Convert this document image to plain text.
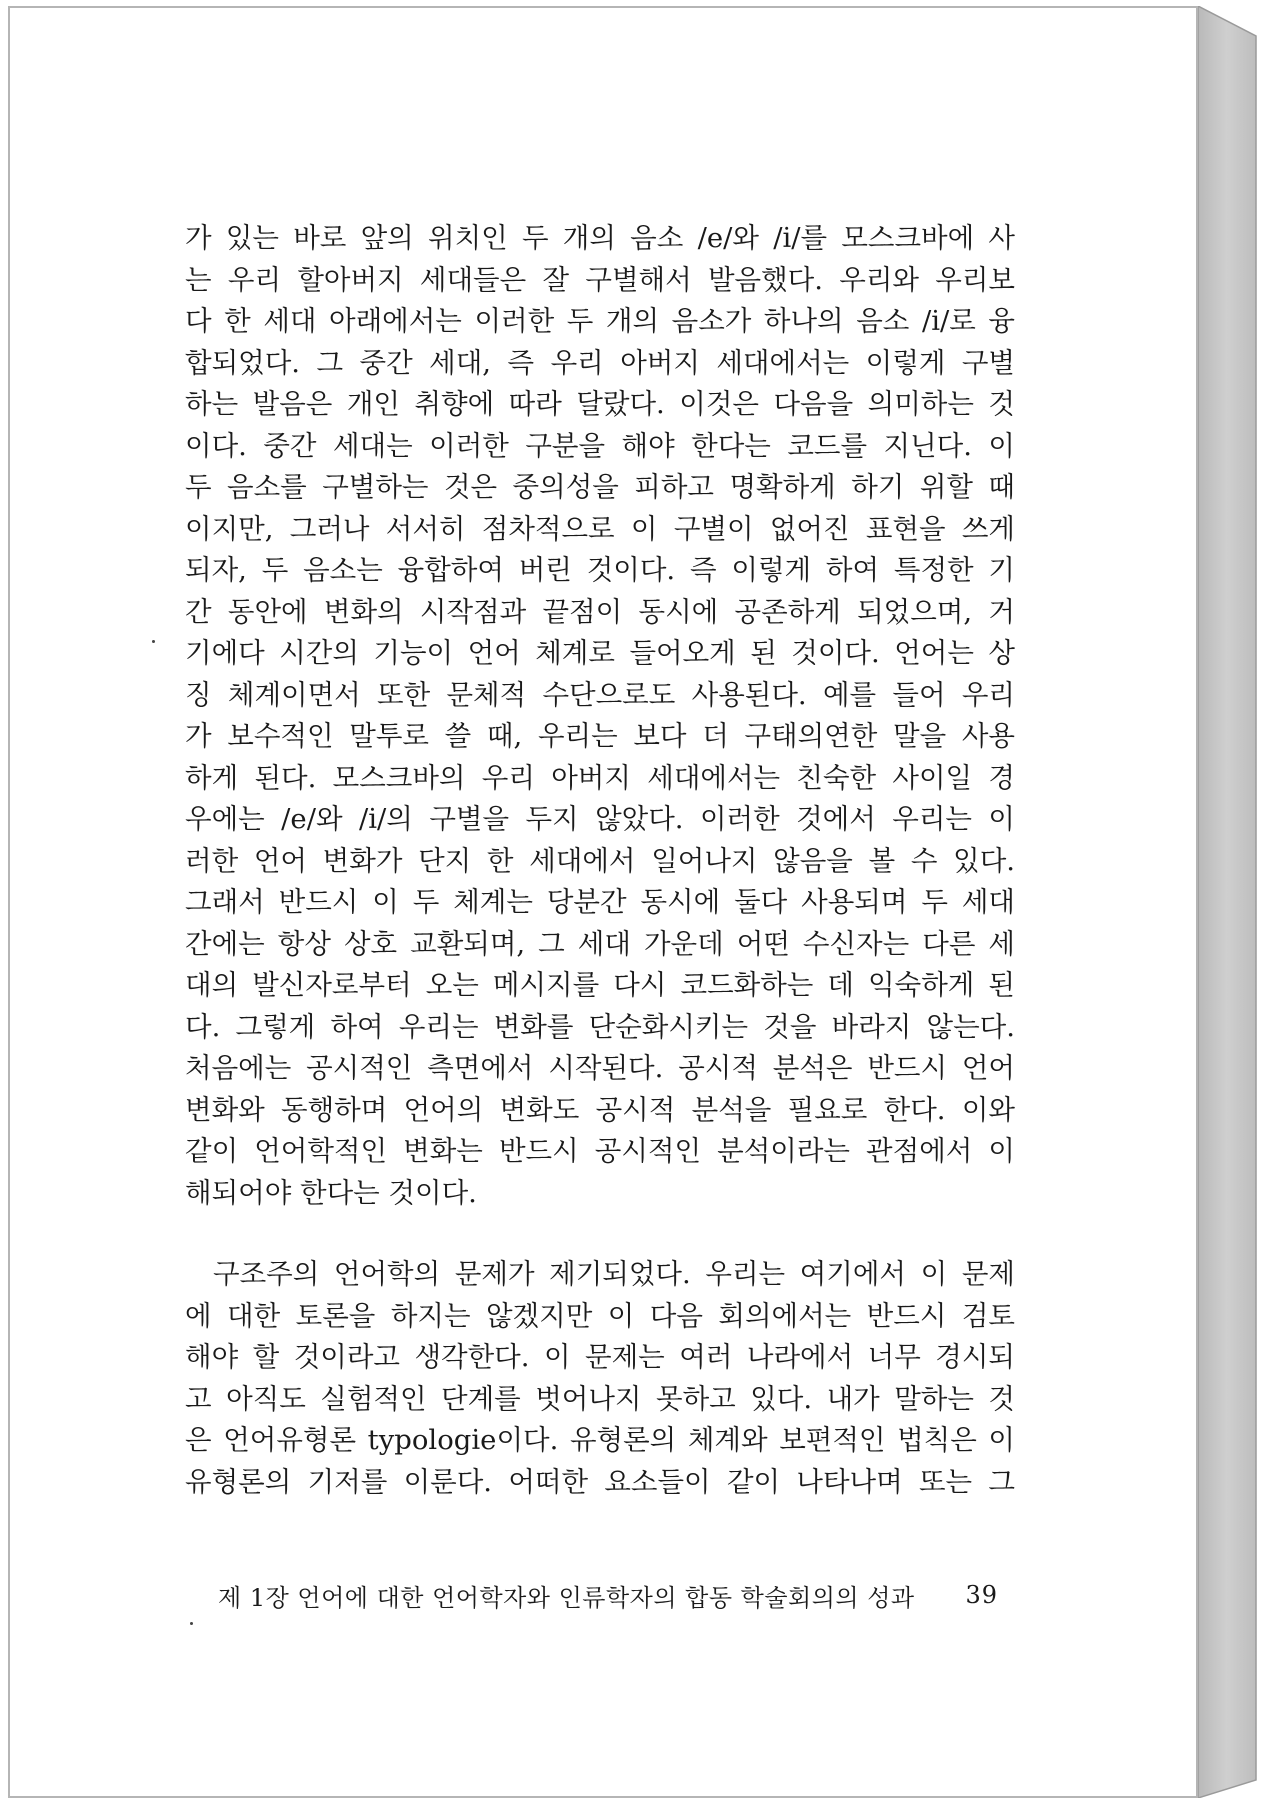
가 있는 바로 앞의 위치인 두 개의 음소 /e/와 /i/를 모스크바에 사
는 우리 할아버지 세대들은 잘 구별해서 발음했다. 우리와 우리보
다 한 세대 아래에서는 이러한 두 개의 음소가 하나의 음소 /i/로 융
합되었다. 그 중간 세대, 즉 우리 아버지 세대에서는 이렇게 구별
하는 발음은 개인 취향에 따라 달랐다. 이것은 다음을 의미하는 것
이다. 중간 세대는 이러한 구분을 해야 한다는 코드를 지닌다. 이
두 음소를 구별하는 것은 중의성을 피하고 명확하게 하기 위할 때
이지만, 그러나 서서히 점차적으로 이 구별이 없어진 표현을 쓰게
되자, 두 음소는 융합하여 버린 것이다. 즉 이렇게 하여 특정한 기
간 동안에 변화의 시작점과 끝점이 동시에 공존하게 되었으며, 거
기에다 시간의 기능이 언어 체계로 들어오게 된 것이다. 언어는 상
징 체계이면서 또한 문체적 수단으로도 사용된다. 예를 들어 우리
가 보수적인 말투로 쓸 때, 우리는 보다 더 구태의연한 말을 사용
하게 된다. 모스크바의 우리 아버지 세대에서는 친숙한 사이일 경
우에는 /e/와 /i/의 구별을 두지 않았다. 이러한 것에서 우리는 이
러한 언어 변화가 단지 한 세대에서 일어나지 않음을 볼 수 있다.
그래서 반드시 이 두 체계는 당분간 동시에 둘다 사용되며 두 세대
간에는 항상 상호 교환되며, 그 세대 가운데 어떤 수신자는 다른 세
대의 발신자로부터 오는 메시지를 다시 코드화하는 데 익숙하게 된
다. 그렇게 하여 우리는 변화를 단순화시키는 것을 바라지 않는다.
처음에는 공시적인 측면에서 시작된다. 공시적 분석은 반드시 언어
변화와 동행하며 언어의 변화도 공시적 분석을 필요로 한다. 이와
같이 언어학적인 변화는 반드시 공시적인 분석이라는 관점에서 이
해되어야 한다는 것이다.
구조주의 언어학의 문제가 제기되었다. 우리는 여기에서 이 문제
에 대한 토론을 하지는 않겠지만 이 다음 회의에서는 반드시 검토
해야 할 것이라고 생각한다. 이 문제는 여러 나라에서 너무 경시되
고 아직도 실험적인 단계를 벗어나지 못하고 있다. 내가 말하는 것
은 언어유형론 typologie이다. 유형론의 체계와 보편적인 법칙은 이
유형론의 기저를 이룬다. 어떠한 요소들이 같이 나타나며 또는 그
제 1장 언어에 대한 언어학자와 인류학자의 합동 학술회의의 성과 39
